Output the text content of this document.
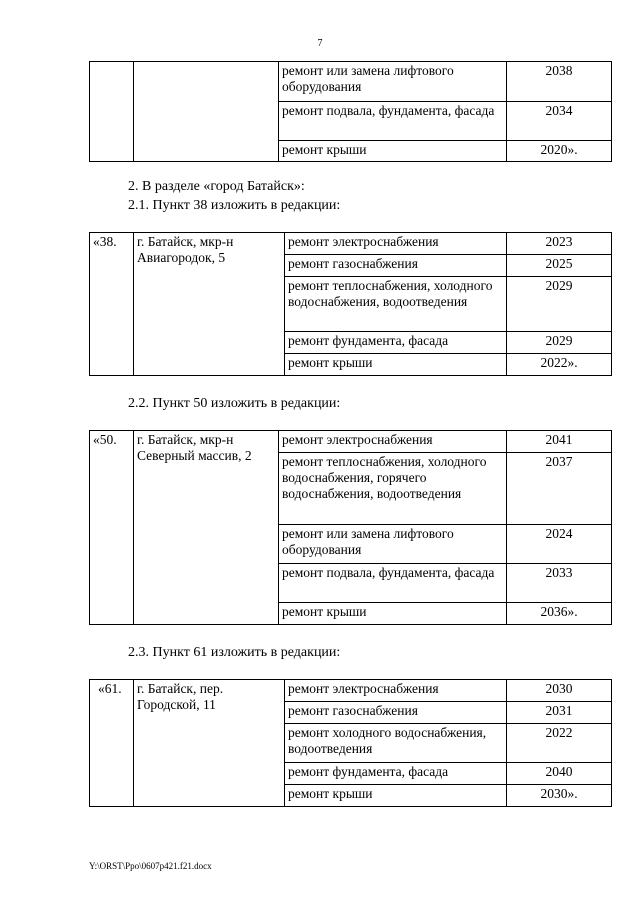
7
		ремонт или замена лифтового оборудования	2038
		ремонт подвала, фундамента, фасада	2034
		ремонт крыши	2020».
2. В разделе «город Батайск»:
2.1. Пункт 38 изложить в редакции:
«38.	г. Батайск, мкр-н Авиагородок, 5	ремонт электроснабжения	2023
		ремонт газоснабжения	2025
		ремонт теплоснабжения, холодного водоснабжения, водоотведения	2029
		ремонт фундамента, фасада	2029
		ремонт крыши	2022».
2.2. Пункт 50 изложить в редакции:
«50.	г. Батайск, мкр-н Северный массив, 2	ремонт электроснабжения	2041
		ремонт теплоснабжения, холодного водоснабжения, горячего водоснабжения, водоотведения	2037
		ремонт или замена лифтового оборудования	2024
		ремонт подвала, фундамента, фасада	2033
		ремонт крыши	2036».
2.3. Пункт 61 изложить в редакции:
«61.	г. Батайск, пер. Городской, 11	ремонт электроснабжения	2030
		ремонт газоснабжения	2031
		ремонт холодного водоснабжения, водоотведения	2022
		ремонт фундамента, фасада	2040
		ремонт крыши	2030».
Y:\ORST\Ppo\0607p421.f21.docx
